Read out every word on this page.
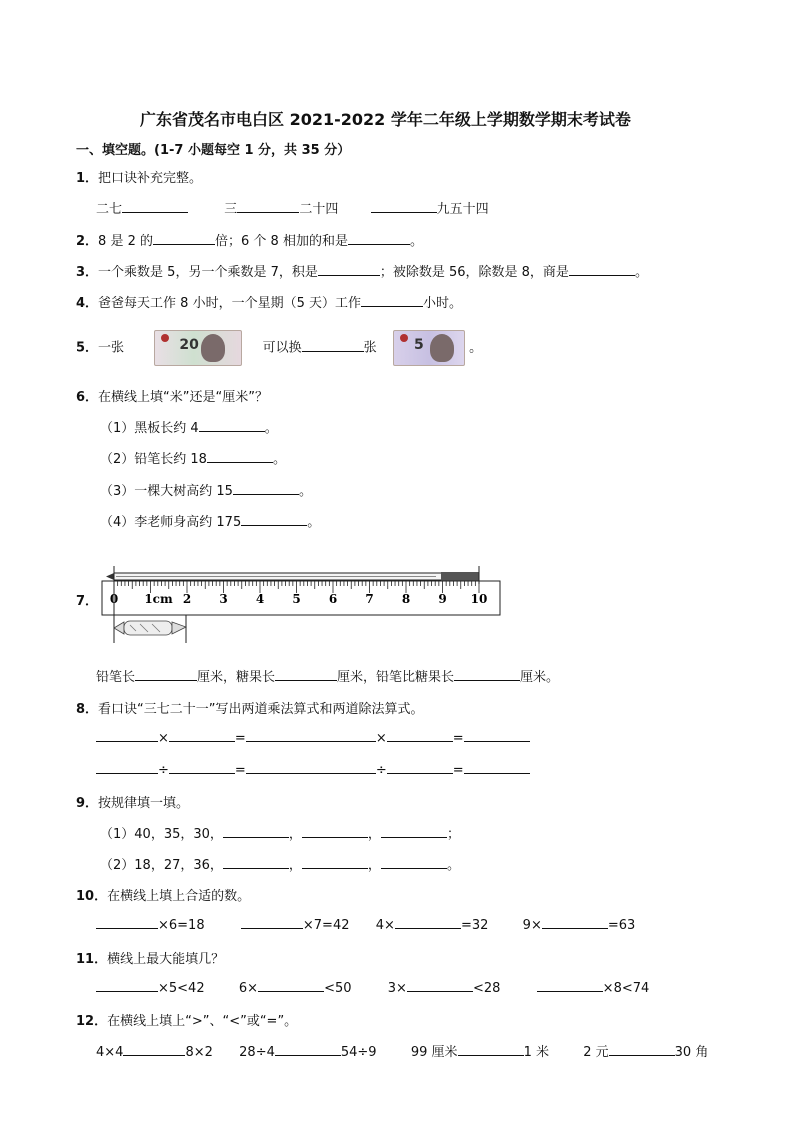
广东省茂名市电白区 2021-2022 学年二年级上学期数学期末考试卷
一、填空题。(1-7 小题每空 1 分，共 35 分）
1．把口诀补充完整。
二七	三	二十四	九五十四
2．8 是 2 的	倍；6 个 8 相加的和是	。
3．一个乘数是 5，另一个乘数是 7，积是	；被除数是 56，除数是 8，商是	。
4．爸爸每天工作 8 小时，一个星期（5 天）工作	小时。
5．一张	20	可以换	张	5	。
6．在横线上填“米”还是“厘米”？
（1）黑板长约 4	。
（2）铅笔长约 18	。
（3）一棵大树高约 15	。
（4）李老师身高约 175	。
7． 0 1cm 2 3 4 5 6 7 8 9 10
铅笔长	厘米，糖果长	厘米，铅笔比糖果长	厘米。
8．看口诀“三七二十一”写出两道乘法算式和两道除法算式。
×	=	×	=
÷	=	÷	=
9．按规律填一填。
（1）40，35，30，	，	，	；
（2）18，27，36，	，	，	。
10．在横线上填上合适的数。
×6=18	×7=42 4×	=32	9×	=63
11．横线上最大能填几？
×5<42	6×	<50	3×	<28	×8<74
12．在横线上填上“>”、“<”或“=”。
4×4	8×2 28÷4	54÷9	99 厘米	1 米	2 元	30 角
